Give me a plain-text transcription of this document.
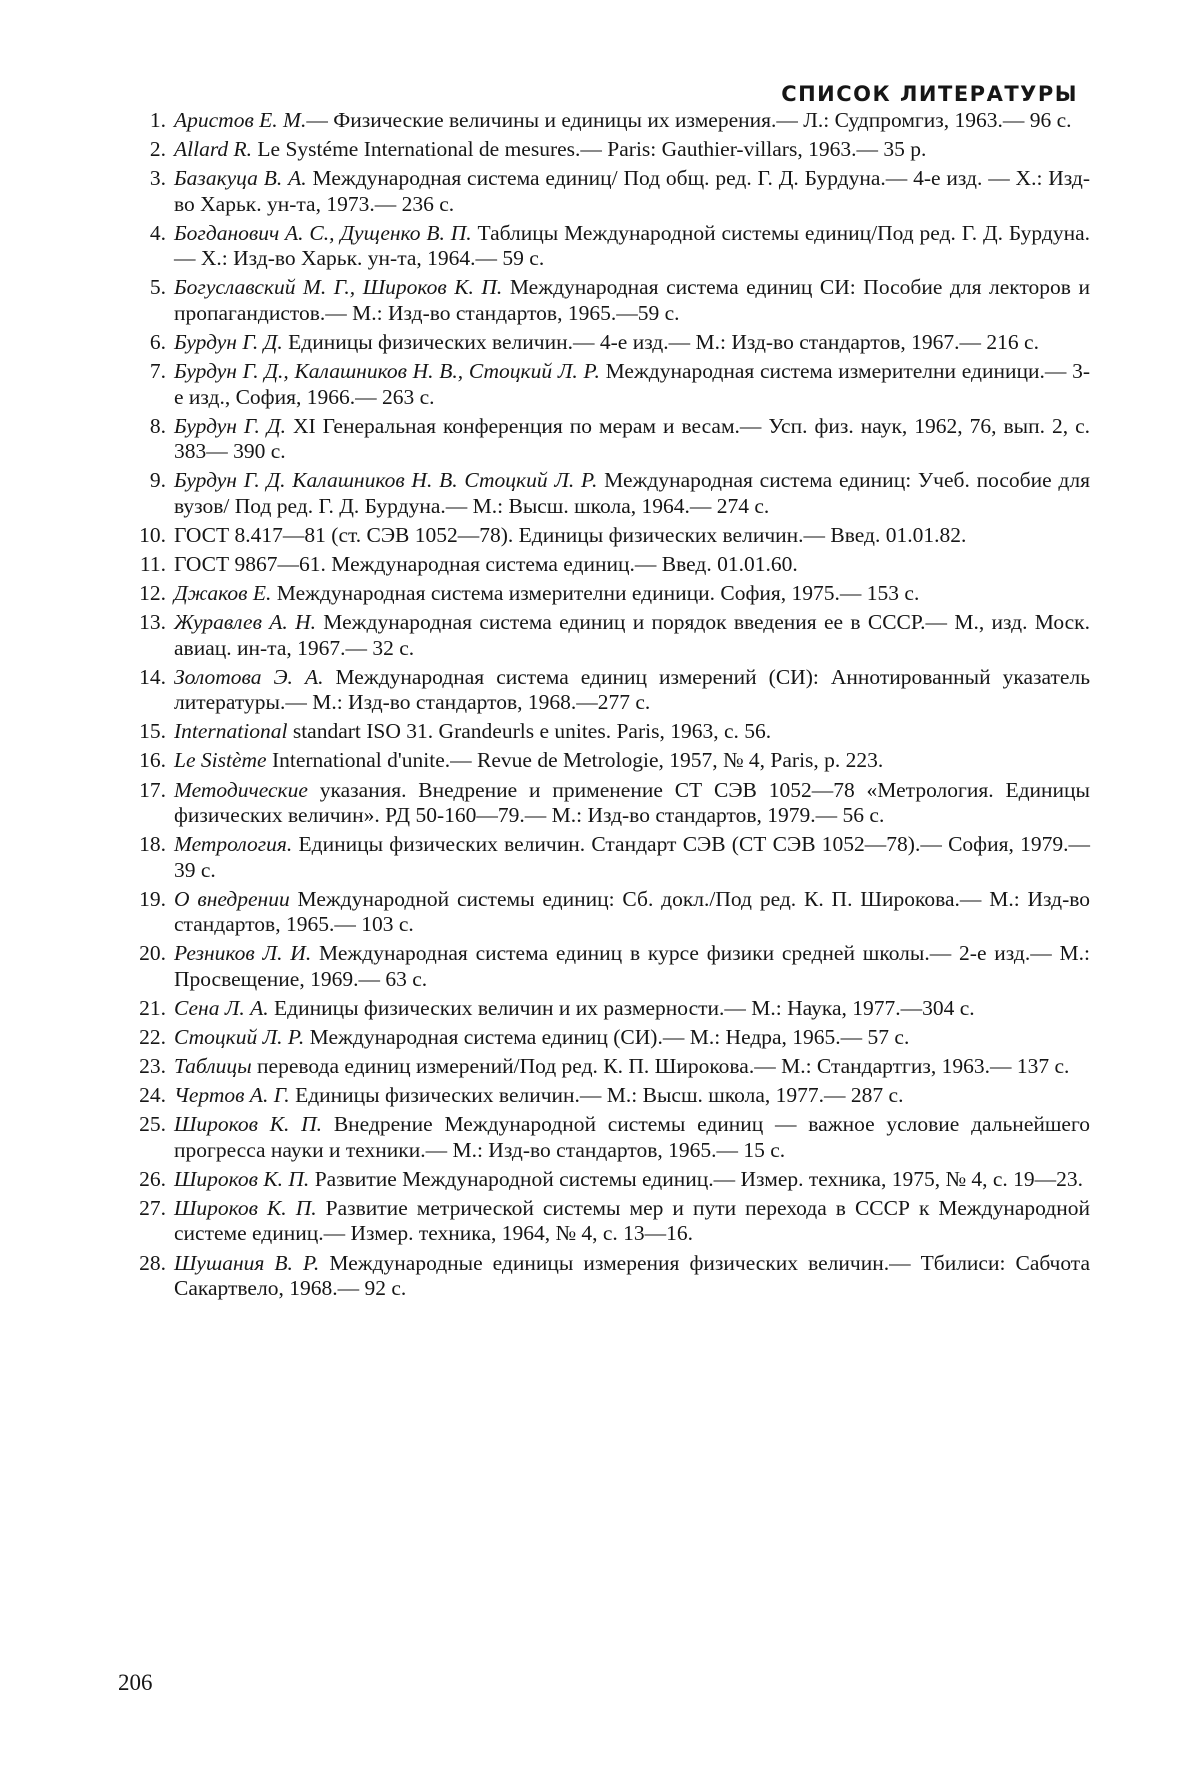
СПИСОК ЛИТЕРАТУРЫ
1. Аристов Е. М.— Физические величины и единицы их измерения.— Л.: Судпромгиз, 1963.— 96 с.
2. Allard R. Le Systéme International de mesures.— Paris: Gauthier-villars, 1963.— 35 p.
3. Базакуца В. А. Международная система единиц/ Под общ. ред. Г. Д. Бурдуна.— 4-е изд. — Х.: Изд-во Харьк. ун-та, 1973.— 236 с.
4. Богданович А. С., Дущенко В. П. Таблицы Международной системы единиц/Под ред. Г. Д. Бурдуна.— Х.: Изд-во Харьк. ун-та, 1964.— 59 с.
5. Богуславский М. Г., Широков К. П. Международная система единиц СИ: Пособие для лекторов и пропагандистов.— М.: Изд-во стандартов, 1965.—59 с.
6. Бурдун Г. Д. Единицы физических величин.— 4-е изд.— М.: Изд-во стандартов, 1967.— 216 с.
7. Бурдун Г. Д., Калашников Н. В., Стоцкий Л. Р. Международная система измерителни единици.— 3-е изд., София, 1966.— 263 с.
8. Бурдун Г. Д. XI Генеральная конференция по мерам и весам.— Усп. физ. наук, 1962, 76, вып. 2, с. 383— 390 с.
9. Бурдун Г. Д. Калашников Н. В. Стоцкий Л. Р. Международная система единиц: Учеб. пособие для вузов/ Под ред. Г. Д. Бурдуна.— М.: Высш. школа, 1964.— 274 с.
10. ГОСТ 8.417—81 (ст. СЭВ 1052—78). Единицы физических величин.— Введ. 01.01.82.
11. ГОСТ 9867—61. Международная система единиц.— Введ. 01.01.60.
12. Джаков Е. Международная система измерителни единици. София, 1975.— 153 с.
13. Журавлев А. Н. Международная система единиц и порядок введения ее в СССР.— М., изд. Моск. авиац. ин-та, 1967.— 32 с.
14. Золотова Э. А. Международная система единиц измерений (СИ): Аннотированный указатель литературы.— М.: Изд-во стандартов, 1968.—277 с.
15. International standart ISO 31. Grandeurls e unites. Paris, 1963, c. 56.
16. Le Sistème International d'unite.— Revue de Metrologie, 1957, № 4, Paris, p. 223.
17. Методические указания. Внедрение и применение СТ СЭВ 1052—78 «Метрология. Единицы физических величин». РД 50-160—79.— М.: Изд-во стандартов, 1979.— 56 с.
18. Метрология. Единицы физических величин. Стандарт СЭВ (СТ СЭВ 1052—78).— София, 1979.— 39 с.
19. О внедрении Международной системы единиц: Сб. докл./Под ред. К. П. Широкова.— М.: Изд-во стандартов, 1965.— 103 с.
20. Резников Л. И. Международная система единиц в курсе физики средней школы.— 2-е изд.— М.: Просвещение, 1969.— 63 с.
21. Сена Л. А. Единицы физических величин и их размерности.— М.: Наука, 1977.—304 с.
22. Стоцкий Л. Р. Международная система единиц (СИ).— М.: Недра, 1965.— 57 с.
23. Таблицы перевода единиц измерений/Под ред. К. П. Широкова.— М.: Стандартгиз, 1963.— 137 с.
24. Чертов А. Г. Единицы физических величин.— М.: Высш. школа, 1977.— 287 с.
25. Широков К. П. Внедрение Международной системы единиц — важное условие дальнейшего прогресса науки и техники.— М.: Изд-во стандартов, 1965.— 15 с.
26. Широков К. П. Развитие Международной системы единиц.— Измер. техника, 1975, № 4, с. 19—23.
27. Широков К. П. Развитие метрической системы мер и пути перехода в СССР к Международной системе единиц.— Измер. техника, 1964, № 4, с. 13—16.
28. Шушания В. Р. Международные единицы измерения физических величин.— Тбилиси: Сабчота Сакартвело, 1968.— 92 с.
206
